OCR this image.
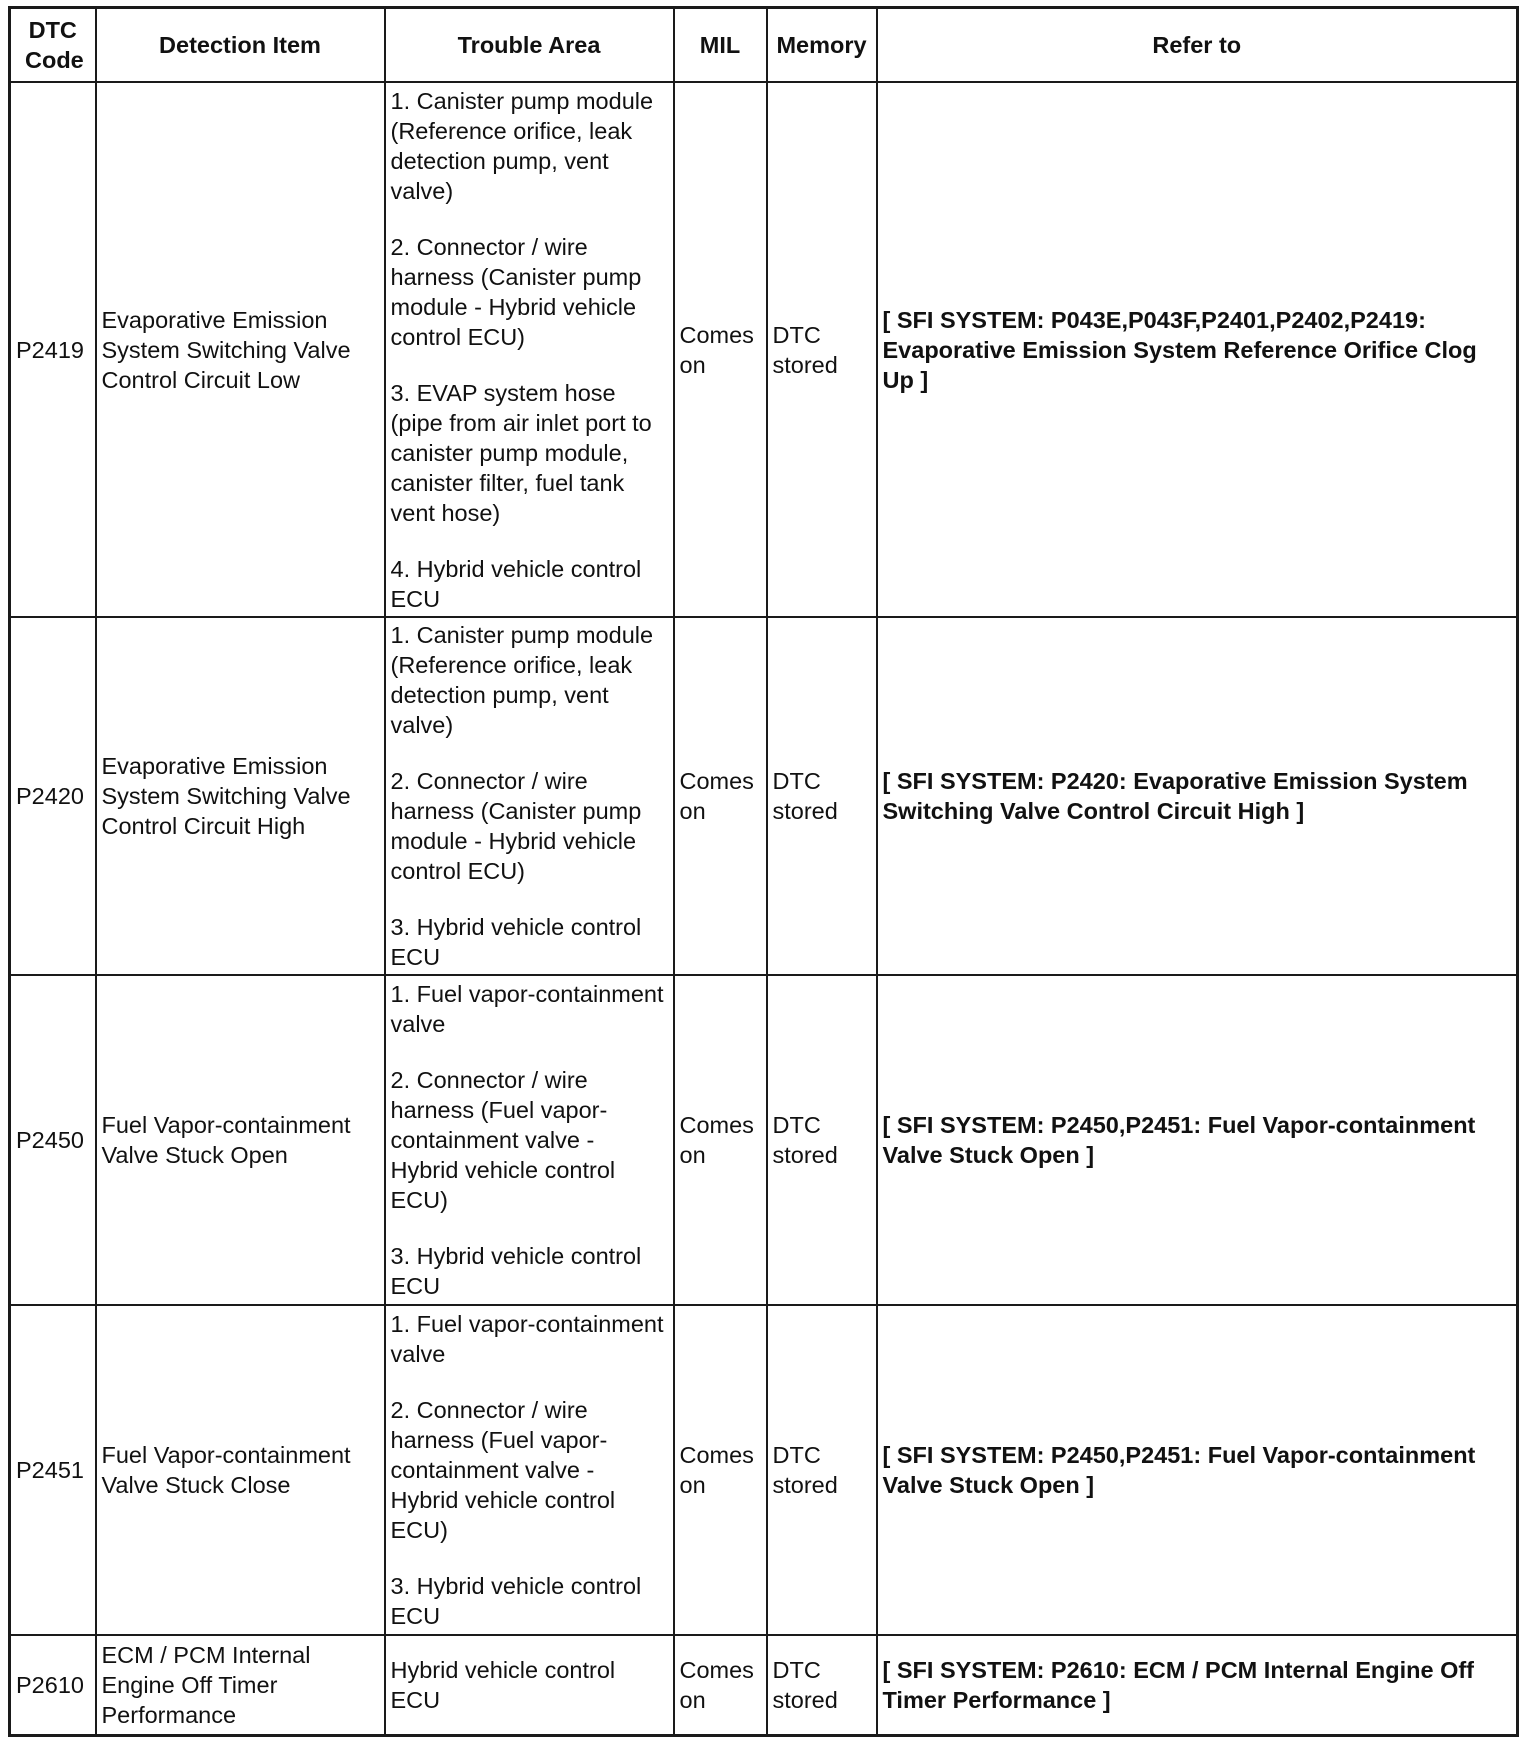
DTC Code	Detection Item	Trouble Area	MIL	Memory	Refer to
P2419	Evaporative Emission System Switching Valve Control Circuit Low	1. Canister pump module (Reference orifice, leak detection pump, vent valve)

2. Connector / wire harness (Canister pump module - Hybrid vehicle control ECU)

3. EVAP system hose (pipe from air inlet port to canister pump module, canister filter, fuel tank vent hose)

4. Hybrid vehicle control ECU	Comes on	DTC stored	[ SFI SYSTEM: P043E,P043F,P2401,P2402,P2419: Evaporative Emission System Reference Orifice Clog Up ]
P2420	Evaporative Emission System Switching Valve Control Circuit High	1. Canister pump module (Reference orifice, leak detection pump, vent valve)

2. Connector / wire harness (Canister pump module - Hybrid vehicle control ECU)

3. Hybrid vehicle control ECU	Comes on	DTC stored	[ SFI SYSTEM: P2420: Evaporative Emission System Switching Valve Control Circuit High ]
P2450	Fuel Vapor-containment Valve Stuck Open	1. Fuel vapor-containment valve

2. Connector / wire harness (Fuel vapor-containment valve - Hybrid vehicle control ECU)

3. Hybrid vehicle control ECU	Comes on	DTC stored	[ SFI SYSTEM: P2450,P2451: Fuel Vapor-containment Valve Stuck Open ]
P2451	Fuel Vapor-containment Valve Stuck Close	1. Fuel vapor-containment valve

2. Connector / wire harness (Fuel vapor-containment valve - Hybrid vehicle control ECU)

3. Hybrid vehicle control ECU	Comes on	DTC stored	[ SFI SYSTEM: P2450,P2451: Fuel Vapor-containment Valve Stuck Open ]
P2610	ECM / PCM Internal Engine Off Timer Performance	Hybrid vehicle control ECU	Comes on	DTC stored	[ SFI SYSTEM: P2610: ECM / PCM Internal Engine Off Timer Performance ]
